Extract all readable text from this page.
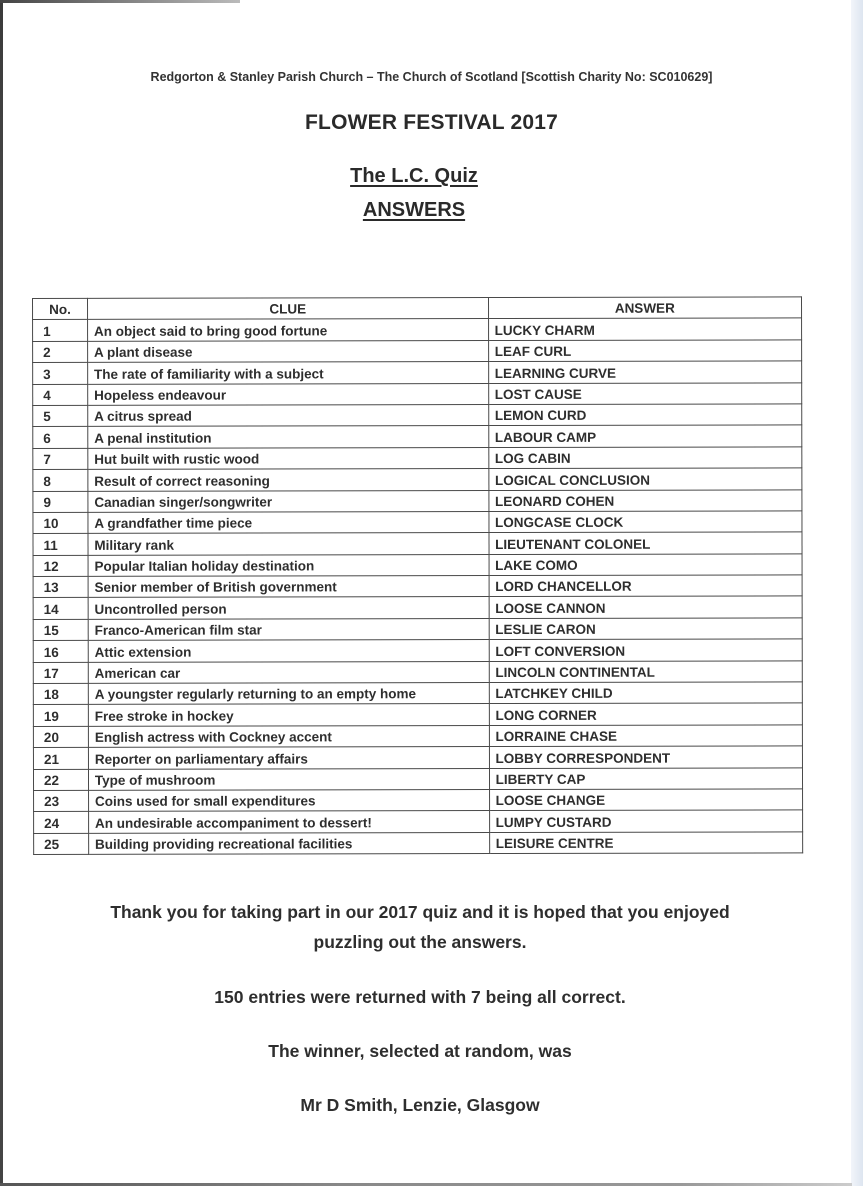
Redgorton & Stanley Parish Church – The Church of Scotland [Scottish Charity No: SC010629]
FLOWER FESTIVAL 2017
The L.C. Quiz
ANSWERS
No.	CLUE	ANSWER
1	An object said to bring good fortune	LUCKY CHARM
2	A plant disease	LEAF CURL
3	The rate of familiarity with a subject	LEARNING CURVE
4	Hopeless endeavour	LOST CAUSE
5	A citrus spread	LEMON CURD
6	A penal institution	LABOUR CAMP
7	Hut built with rustic wood	LOG CABIN
8	Result of correct reasoning	LOGICAL CONCLUSION
9	Canadian singer/songwriter	LEONARD COHEN
10	A grandfather time piece	LONGCASE CLOCK
11	Military rank	LIEUTENANT COLONEL
12	Popular Italian holiday destination	LAKE COMO
13	Senior member of British government	LORD CHANCELLOR
14	Uncontrolled person	LOOSE CANNON
15	Franco-American film star	LESLIE CARON
16	Attic extension	LOFT CONVERSION
17	American car	LINCOLN CONTINENTAL
18	A youngster regularly returning to an empty home	LATCHKEY CHILD
19	Free stroke in hockey	LONG CORNER
20	English actress with Cockney accent	LORRAINE CHASE
21	Reporter on parliamentary affairs	LOBBY CORRESPONDENT
22	Type of mushroom	LIBERTY CAP
23	Coins used for small expenditures	LOOSE CHANGE
24	An undesirable accompaniment to dessert!	LUMPY CUSTARD
25	Building providing recreational facilities	LEISURE CENTRE
Thank you for taking part in our 2017 quiz and it is hoped that you enjoyed
puzzling out the answers.
150 entries were returned with 7 being all correct.
The winner, selected at random, was
Mr D Smith, Lenzie, Glasgow
